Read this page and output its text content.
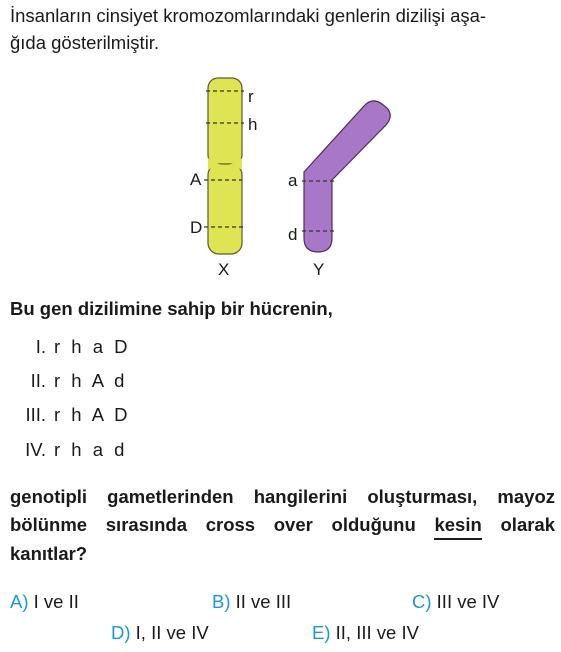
İnsanların cinsiyet kromozomlarındaki genlerin dizilişi aşa-
ğıda gösterilmiştir.

r
h
A
D
X
a
d
Y

Bu gen dizilimine sahip bir hücrenin,

I. r h a D
II. r h A d
III. r h A D
IV. r h a d

genotipli gametlerinden hangilerini oluşturması, mayoz
bölünme sırasında cross over olduğunu kesin olarak
kanıtlar?

A) I ve II	B) II ve III	C) III ve IV
D) I, II ve IV	E) II, III ve IV
